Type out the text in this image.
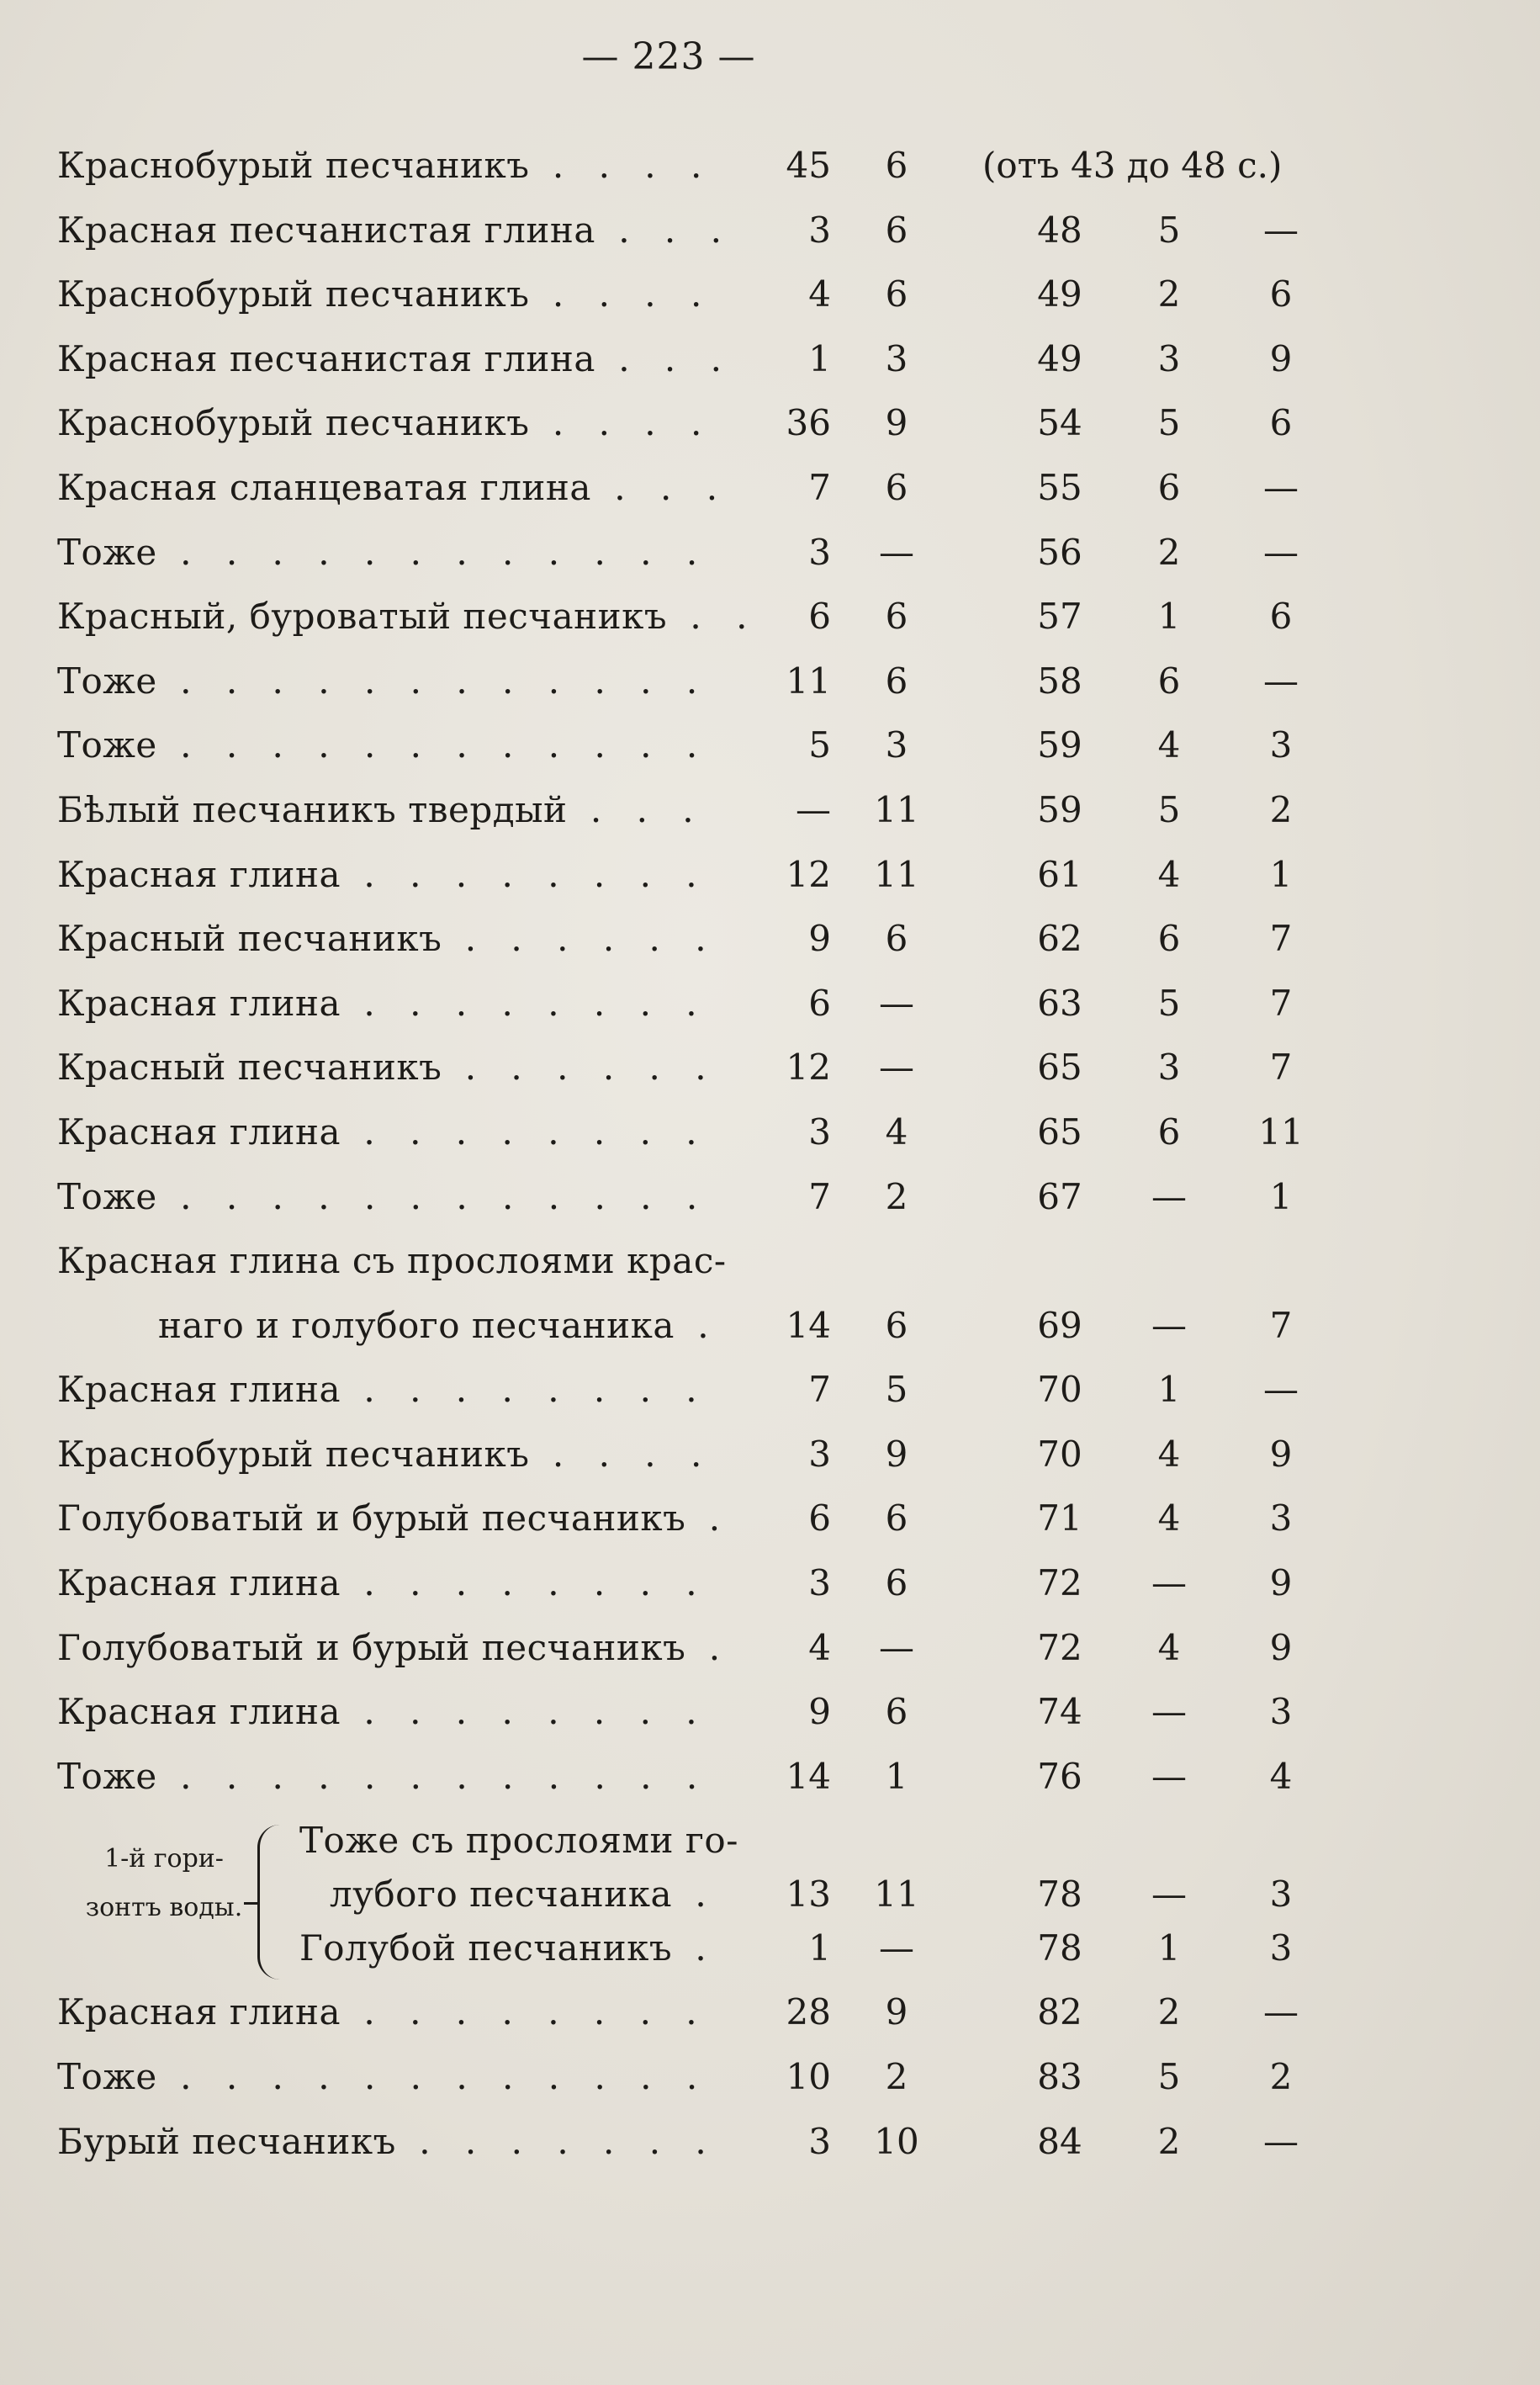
— 223 —
Краснобурый песчаникъ . . . .	45	6	(отъ 43 до 48 с.)
Красная песчанистая глина . . .	3	6	48	5	—
Краснобурый песчаникъ . . . .	4	6	49	2	6
Красная песчанистая глина . . .	1	3	49	3	9
Краснобурый песчаникъ . . . .	36	9	54	5	6
Красная сланцеватая глина . . .	7	6	55	6	—
Тоже . . . . . . . . . . . .	3	—	56	2	—
Красный, буроватый песчаникъ . .	6	6	57	1	6
Тоже . . . . . . . . . . . .	11	6	58	6	—
Тоже . . . . . . . . . . . .	5	3	59	4	3
Бѣлый песчаникъ твердый . . .	—	11	59	5	2
Красная глина . . . . . . . .	12	11	61	4	1
Красный песчаникъ . . . . . .	9	6	62	6	7
Красная глина . . . . . . . .	6	—	63	5	7
Красный песчаникъ . . . . . .	12	—	65	3	7
Красная глина . . . . . . . .	3	4	65	6	11
Тоже . . . . . . . . . . . .	7	2	67	—	1
Красная глина съ прослоями крас-
наго и голубого песчаника .	14	6	69	—	7
Красная глина . . . . . . . .	7	5	70	1	—
Краснобурый песчаникъ . . . .	3	9	70	4	9
Голубоватый и бурый песчаникъ .	6	6	71	4	3
Красная глина . . . . . . . .	3	6	72	—	9
Голубоватый и бурый песчаникъ .	4	—	72	4	9
Красная глина . . . . . . . .	9	6	74	—	3
Тоже . . . . . . . . . . . .	14	1	76	—	4
1-й гори-
зонтъ воды.
Тоже съ прослоями го-
лубого песчаника .	13	11	78	—	3
Голубой песчаникъ .	1	—	78	1	3
Красная глина . . . . . . . .	28	9	82	2	—
Тоже . . . . . . . . . . . .	10	2	83	5	2
Бурый песчаникъ . . . . . . .	3	10	84	2	—
